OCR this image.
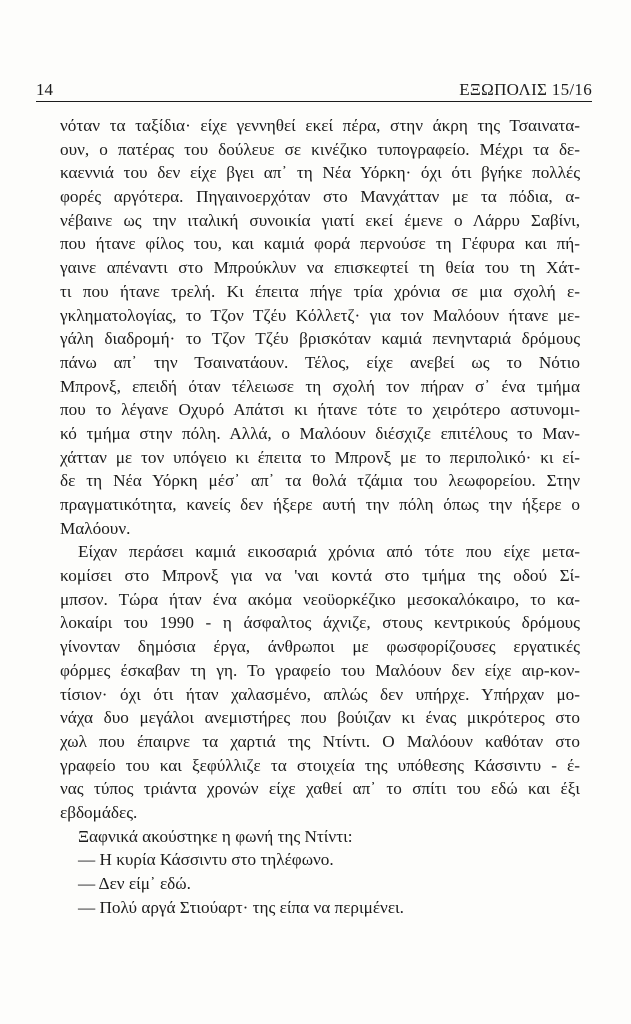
14	ΕΞΩΠΟΛΙΣ 15/16
νόταν τα ταξίδια· είχε γεννηθεί εκεί πέρα, στην άκρη της Τσαινατα-
ουν, ο πατέρας του δούλευε σε κινέζικο τυπογραφείο. Μέχρι τα δε-
καεννιά του δεν είχε βγει απ᾽ τη Νέα Υόρκη· όχι ότι βγήκε πολλές
φορές αργότερα. Πηγαινοερχόταν στο Μανχάτταν με τα πόδια, α-
νέβαινε ως την ιταλική συνοικία γιατί εκεί έμενε ο Λάρρυ Σαβίνι,
που ήτανε φίλος του, και καμιά φορά περνούσε τη Γέφυρα και πή-
γαινε απέναντι στο Μπρούκλυν να επισκεφτεί τη θεία του τη Χάτ-
τι που ήτανε τρελή. Κι έπειτα πήγε τρία χρόνια σε μια σχολή ε-
γκληματολογίας, το Τζον Τζέυ Κόλλετζ· για τον Μαλόουν ήτανε με-
γάλη διαδρομή· το Τζον Τζέυ βρισκόταν καμιά πενηνταριά δρόμους
πάνω απ᾽ την Τσαινατάουν. Τέλος, είχε ανεβεί ως το Νότιο
Μπρονξ, επειδή όταν τέλειωσε τη σχολή τον πήραν σ᾽ ένα τμήμα
που το λέγανε Οχυρό Απάτσι κι ήτανε τότε το χειρότερο αστυνομι-
κό τμήμα στην πόλη. Αλλά, ο Μαλόουν διέσχιζε επιτέλους το Μαν-
χάτταν με τον υπόγειο κι έπειτα το Μπρονξ με το περιπολικό· κι εί-
δε τη Νέα Υόρκη μέσ᾽ απ᾽ τα θολά τζάμια του λεωφορείου. Στην
πραγματικότητα, κανείς δεν ήξερε αυτή την πόλη όπως την ήξερε ο
Μαλόουν.
Είχαν περάσει καμιά εικοσαριά χρόνια από τότε που είχε μετα-
κομίσει στο Μπρονξ για να 'ναι κοντά στο τμήμα της οδού Σί-
μπσον. Τώρα ήταν ένα ακόμα νεοϋορκέζικο μεσοκαλόκαιρο, το κα-
λοκαίρι του 1990 - η άσφαλτος άχνιζε, στους κεντρικούς δρόμους
γίνονταν δημόσια έργα, άνθρωποι με φωσφορίζουσες εργατικές
φόρμες έσκαβαν τη γη. Το γραφείο του Μαλόουν δεν είχε αιρ-κον-
τίσιον· όχι ότι ήταν χαλασμένο, απλώς δεν υπήρχε. Υπήρχαν μο-
νάχα δυο μεγάλοι ανεμιστήρες που βούιζαν κι ένας μικρότερος στο
χωλ που έπαιρνε τα χαρτιά της Ντίντι. Ο Μαλόουν καθόταν στο
γραφείο του και ξεφύλλιζε τα στοιχεία της υπόθεσης Κάσσιντυ - έ-
νας τύπος τριάντα χρονών είχε χαθεί απ᾽ το σπίτι του εδώ και έξι
εβδομάδες.
Ξαφνικά ακούστηκε η φωνή της Ντίντι:
— Η κυρία Κάσσιντυ στο τηλέφωνο.
— Δεν είμ᾽ εδώ.
— Πολύ αργά Στιούαρτ· της είπα να περιμένει.
